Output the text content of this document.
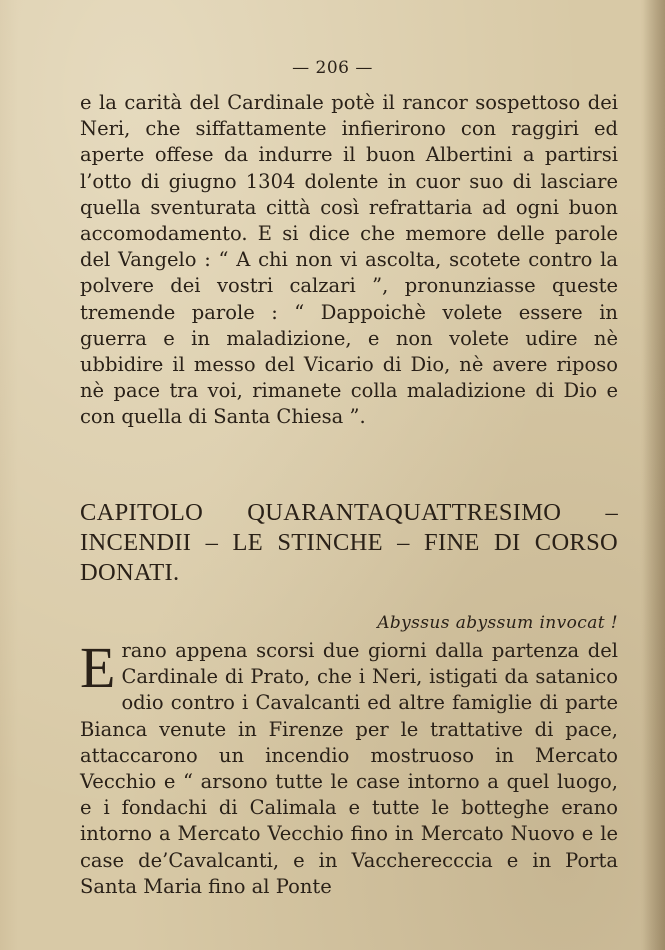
— 206 —
e la carità del Cardinale potè il rancor sospettoso dei Neri, che siffattamente infierirono con raggiri ed aperte offese da indurre il buon Albertini a partirsi l’otto di giugno 1304 dolente in cuor suo di lasciare quella sventurata città così refrattaria ad ogni buon accomodamento. E si dice che memore delle parole del Vangelo : “ A chi non vi ascolta, scotete contro la polvere dei vostri calzari ”, pronunziasse queste tremende parole : “ Dappoichè volete essere in guerra e in maladizione, e non volete udire nè ubbidire il messo del Vicario di Dio, nè avere riposo nè pace tra voi, rimanete colla maladizione di Dio e con quella di Santa Chiesa ”.
CAPITOLO QUARANTAQUATTRESIMO – INCENDII – LE STINCHE – FINE DI CORSO DONATI.
Abyssus abyssum invocat !
Erano appena scorsi due giorni dalla partenza del Cardinale di Prato, che i Neri, istigati da satanico odio contro i Cavalcanti ed altre famiglie di parte Bianca venute in Firenze per le trattative di pace, attaccarono un incendio mostruoso in Mercato Vecchio e “ arsono tutte le case intorno a quel luogo, e i fondachi di Calimala e tutte le botteghe erano intorno a Mercato Vecchio fino in Mercato Nuovo e le case de’Cavalcanti, e in Vaccherecccia e in Porta Santa Maria fino al Ponte
